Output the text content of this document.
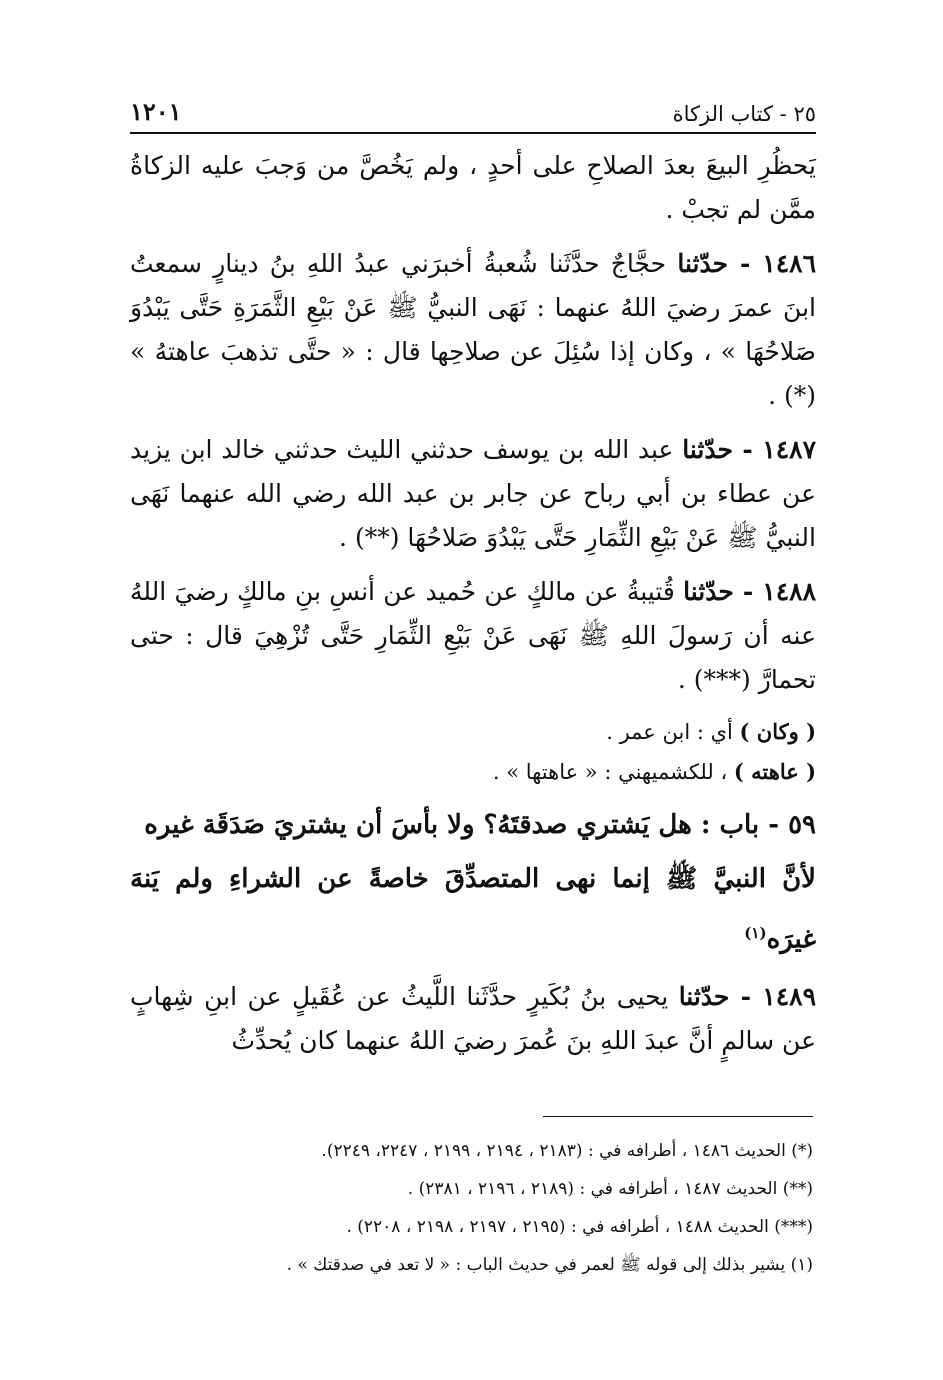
٢٥ - كتاب الزكاة
١٢٠١

يَحظُرِ البيعَ بعدَ الصلاحِ على أحدٍ ، ولم يَخُصَّ من وَجبَ عليه الزكاةُ ممَّن لم تجبْ .

١٤٨٦ - حدّثنا حجَّاجٌ حدَّثَنا شُعبةُ أخبرَني عبدُ اللهِ بنُ دينارٍ سمعتُ ابنَ عمرَ رضيَ اللهُ عنهما : نَهَى النبيُّ ﷺ عَنْ بَيْعِ الثَّمَرَةِ حَتَّى يَبْدُوَ صَلاحُهَا » ، وكان إذا سُئِلَ عن صلاحِها قال : « حتَّى تذهبَ عاهتهُ » (*) .

١٤٨٧ - حدّثنا عبد الله بن يوسف حدثني الليث حدثني خالد ابن يزيد عن عطاء بن أبي رباح عن جابر بن عبد الله رضي الله عنهما نَهَى النبيُّ ﷺ عَنْ بَيْعِ الثِّمَارِ حَتَّى يَبْدُوَ صَلاحُهَا (**) .

١٤٨٨ - حدّثنا قُتيبةُ عن مالكٍ عن حُميد عن أنسِ بنِ مالكٍ رضيَ اللهُ عنه أن رَسولَ اللهِ ﷺ نَهَى عَنْ بَيْعِ الثِّمَارِ حَتَّى تُزْهِيَ قال : حتى تحمارَّ (***) .

( وكان ) أي : ابن عمر .

( عاهته ) ، للكشميهني : « عاهتها » .

٥٩ - باب : هل يَشتري صدقتَهُ؟ ولا بأسَ أن يشتريَ صَدَقَة غيره
لأنَّ النبيَّ ﷺ إنما نهى المتصدِّقَ خاصةً عن الشراءِ ولم يَنهَ غيرَه$^{(١)}$

١٤٨٩ - حدّثنا يحيى بنُ بُكَيرٍ حدَّثَنا اللَّيثُ عن عُقَيلٍ عن ابنِ شِهابٍ عن سالمٍ أنَّ عبدَ اللهِ بنَ عُمرَ رضيَ اللهُ عنهما كان يُحدِّثُ

(*) الحديث ١٤٨٦ ، أطرافه في : (٢١٨٣ ، ٢١٩٤ ، ٢١٩٩ ، ٢٢٤٧، ٢٢٤٩).

(**) الحديث ١٤٨٧ ، أطرافه في : (٢١٨٩ ، ٢١٩٦ ، ٢٣٨١) .

(***) الحديث ١٤٨٨ ، أطرافه في : (٢١٩٥ ، ٢١٩٧ ، ٢١٩٨ ، ٢٢٠٨) .

(١) يشير بذلك إلى قوله ﷺ لعمر في حديث الباب : « لا تعد في صدقتك » .
